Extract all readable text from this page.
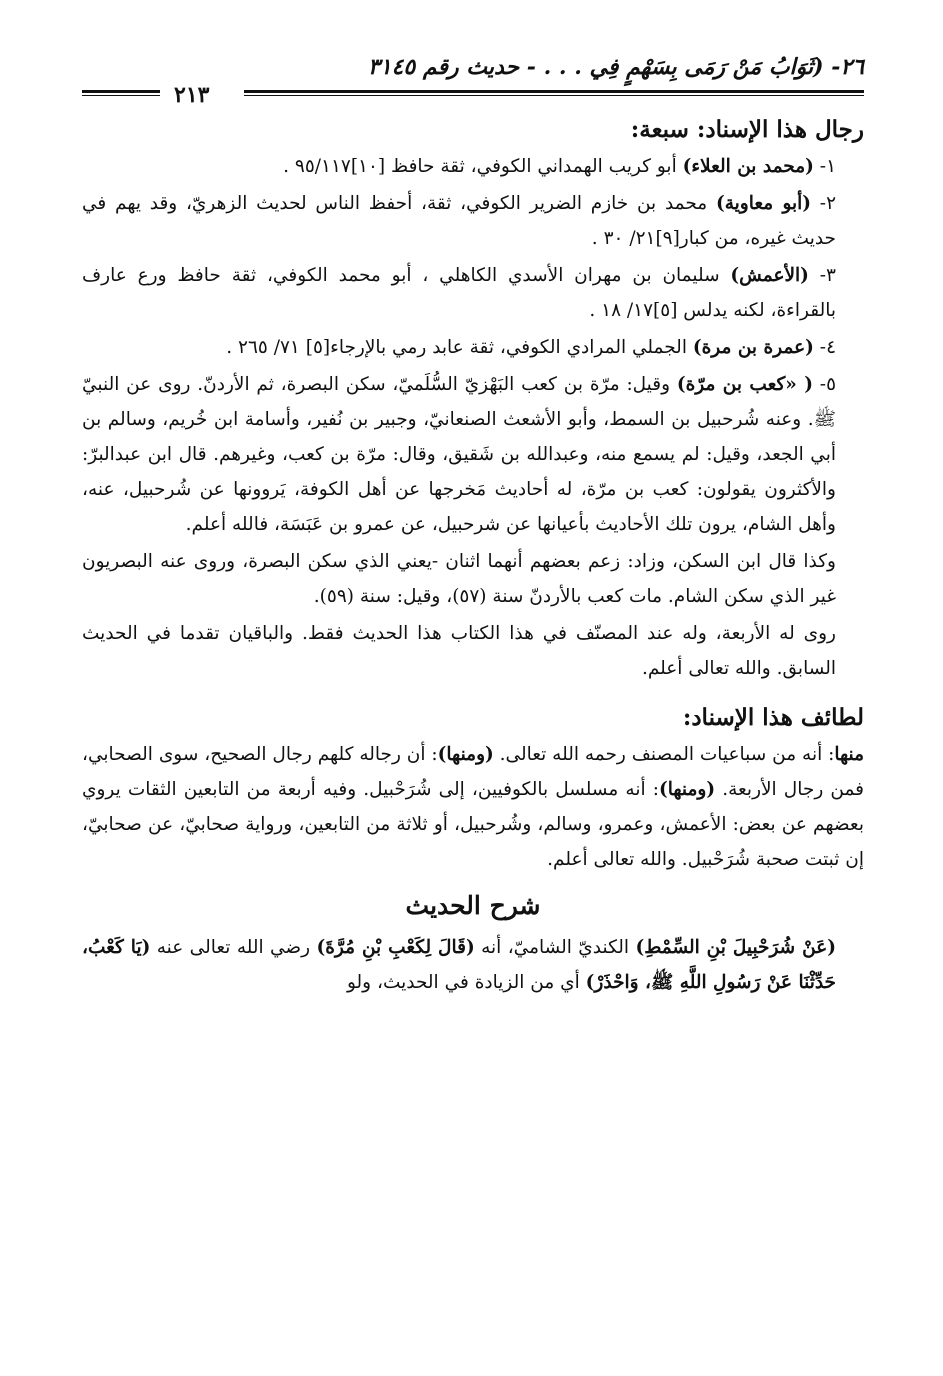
٢٦- (ثَوَابُ مَنْ رَمَى بِسَهْمٍ فِي . . . - حديث رقم ٣١٤٥
٢١٣
رجال هذا الإسناد: سبعة:

١- (محمد بن العلاء) أبو كريب الهمداني الكوفي، ثقة حافظ [١٠]٩٥/١١٧ .

٢- (أبو معاوية) محمد بن خازم الضرير الكوفي، ثقة، أحفظ الناس لحديث الزهريّ، وقد يهم في حديث غيره، من كبار[٩]٢١/ ٣٠ .

٣- (الأعمش) سليمان بن مهران الأسدي الكاهلي ، أبو محمد الكوفي، ثقة حافظ ورع عارف بالقراءة، لكنه يدلس [٥]١٧/ ١٨ .

٤- (عمرة بن مرة) الجملي المرادي الكوفي، ثقة عابد رمي بالإرجاء[٥] ٧١/ ٢٦٥ .

٥- ( «كعب بن مرّة) وقيل: مرّة بن كعب البَهْزيّ السُّلَميّ، سكن البصرة، ثم الأردنّ. روى عن النبيّ ﷺ. وعنه شُرحبيل بن السمط، وأبو الأشعث الصنعانيّ، وجبير بن نُفير، وأسامة ابن خُريم، وسالم بن أبي الجعد، وقيل: لم يسمع منه، وعبدالله بن شَقيق، وقال: مرّة بن كعب، وغيرهم. قال ابن عبدالبرّ: والأكثرون يقولون: كعب بن مرّة، له أحاديث مَخرجها عن أهل الكوفة، يَروونها عن شُرحبيل، عنه، وأهل الشام، يرون تلك الأحاديث بأعيانها عن شرحبيل، عن عمرو بن عَبَسَة، فالله أعلم.

وكذا قال ابن السكن، وزاد: زعم بعضهم أنهما اثنان -يعني الذي سكن البصرة، وروى عنه البصريون غير الذي سكن الشام. مات كعب بالأردنّ سنة (٥٧)، وقيل: سنة (٥٩).

روى له الأربعة، وله عند المصنّف في هذا الكتاب هذا الحديث فقط. والباقيان تقدما في الحديث السابق. والله تعالى أعلم.

لطائف هذا الإسناد:

منها: أنه من سباعيات المصنف رحمه الله تعالى. (ومنها): أن رجاله كلهم رجال الصحيح، سوى الصحابي، فمن رجال الأربعة. (ومنها): أنه مسلسل بالكوفيين، إلى شُرَحْبيل. وفيه أربعة من التابعين الثقات يروي بعضهم عن بعض: الأعمش، وعمرو، وسالم، وشُرحبيل، أو ثلاثة من التابعين، ورواية صحابيّ، عن صحابيّ، إن ثبتت صحبة شُرَحْبيل. والله تعالى أعلم.

شرح الحديث

(عَنْ شُرَحْبِيلَ بْنِ السِّمْطِ) الكنديّ الشاميّ، أنه (قَالَ لِكَعْبِ بْنِ مُرَّةَ) رضي الله تعالى عنه (يَا كَعْبُ، حَدِّثْنَا عَنْ رَسُولِ اللَّهِ ﷺ، وَاحْذَرْ) أي من الزيادة في الحديث، ولو
